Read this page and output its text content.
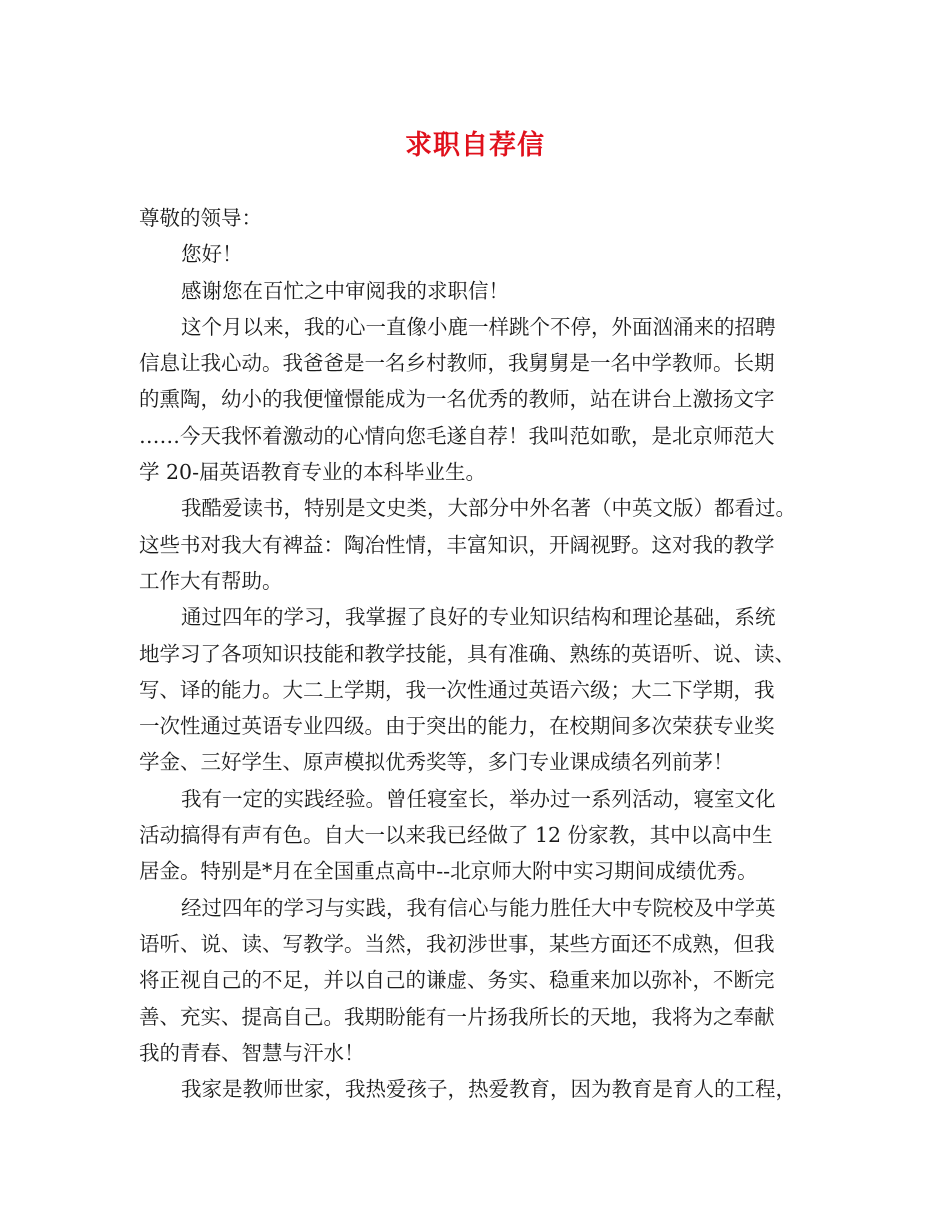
求职自荐信
尊敬的领导：
您好！
感谢您在百忙之中审阅我的求职信！
这个月以来，我的心一直像小鹿一样跳个不停，外面汹涌来的招聘
信息让我心动。我爸爸是一名乡村教师，我舅舅是一名中学教师。长期
的熏陶，幼小的我便憧憬能成为一名优秀的教师，站在讲台上激扬文字
……今天我怀着激动的心情向您毛遂自荐！我叫范如歌，是北京师范大
学 20-届英语教育专业的本科毕业生。
我酷爱读书，特别是文史类，大部分中外名著（中英文版）都看过。
这些书对我大有裨益：陶冶性情，丰富知识，开阔视野。这对我的教学
工作大有帮助。
通过四年的学习，我掌握了良好的专业知识结构和理论基础，系统
地学习了各项知识技能和教学技能，具有准确、熟练的英语听、说、读、
写、译的能力。大二上学期，我一次性通过英语六级；大二下学期，我
一次性通过英语专业四级。由于突出的能力，在校期间多次荣获专业奖
学金、三好学生、原声模拟优秀奖等，多门专业课成绩名列前茅！
我有一定的实践经验。曾任寝室长，举办过一系列活动，寝室文化
活动搞得有声有色。自大一以来我已经做了 12 份家教，其中以高中生
居金。特别是*月在全国重点高中--北京师大附中实习期间成绩优秀。
经过四年的学习与实践，我有信心与能力胜任大中专院校及中学英
语听、说、读、写教学。当然，我初涉世事，某些方面还不成熟，但我
将正视自己的不足，并以自己的谦虚、务实、稳重来加以弥补，不断完
善、充实、提高自己。我期盼能有一片扬我所长的天地，我将为之奉献
我的青春、智慧与汗水！
我家是教师世家，我热爱孩子，热爱教育，因为教育是育人的工程，
